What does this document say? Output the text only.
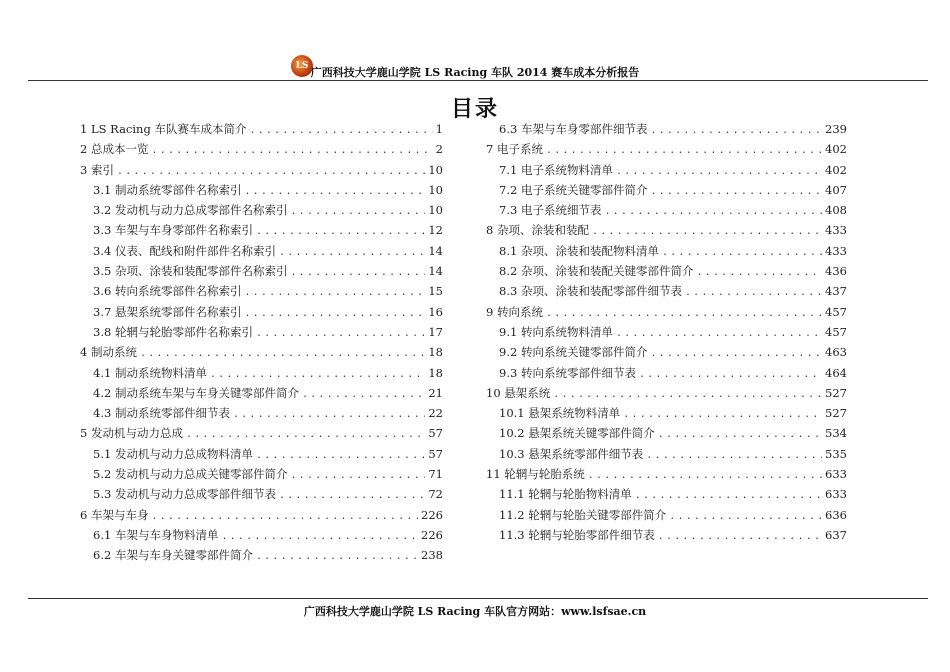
LS 广西科技大学鹿山学院 LS Racing 车队 2014 赛车成本分析报告
目录
1 LS Racing 车队赛车成本简介 .....	1
2 总成本一览 .....	2
3 索引 .....	10
3.1 制动系统零部件名称索引 .....	10
3.2 发动机与动力总成零部件名称索引 .....	10
3.3 车架与车身零部件名称索引 .....	12
3.4 仪表、配线和附件部件名称索引 .....	14
3.5 杂项、涂装和装配零部件名称索引 .....	14
3.6 转向系统零部件名称索引 .....	15
3.7 悬架系统零部件名称索引 .....	16
3.8 轮辋与轮胎零部件名称索引 .....	17
4 制动系统 .....	18
4.1 制动系统物料清单 .....	18
4.2 制动系统车架与车身关键零部件简介 .....	21
4.3 制动系统零部件细节表 .....	22
5 发动机与动力总成 .....	57
5.1 发动机与动力总成物料清单 .....	57
5.2 发动机与动力总成关键零部件简介 .....	71
5.3 发动机与动力总成零部件细节表 .....	72
6 车架与车身 .....	226
6.1 车架与车身物料清单 .....	226
6.2 车架与车身关键零部件简介 .....	238
6.3 车架与车身零部件细节表 .....	239
7 电子系统 .....	402
7.1 电子系统物料清单 .....	402
7.2 电子系统关键零部件简介 .....	407
7.3 电子系统细节表 .....	408
8 杂项、涂装和装配 .....	433
8.1 杂项、涂装和装配物料清单 .....	433
8.2 杂项、涂装和装配关键零部件简介 .....	436
8.3 杂项、涂装和装配零部件细节表 .....	437
9 转向系统 .....	457
9.1 转向系统物料清单 .....	457
9.2 转向系统关键零部件简介 .....	463
9.3 转向系统零部件细节表 .....	464
10 悬架系统 .....	527
10.1 悬架系统物料清单 .....	527
10.2 悬架系统关键零部件简介 .....	534
10.3 悬架系统零部件细节表 .....	535
11 轮辋与轮胎系统 .....	633
11.1 轮辋与轮胎物料清单 .....	633
11.2 轮辋与轮胎关键零部件简介 .....	636
11.3 轮辋与轮胎零部件细节表 .....	637
广西科技大学鹿山学院 LS Racing 车队官方网站：www.lsfsae.cn
